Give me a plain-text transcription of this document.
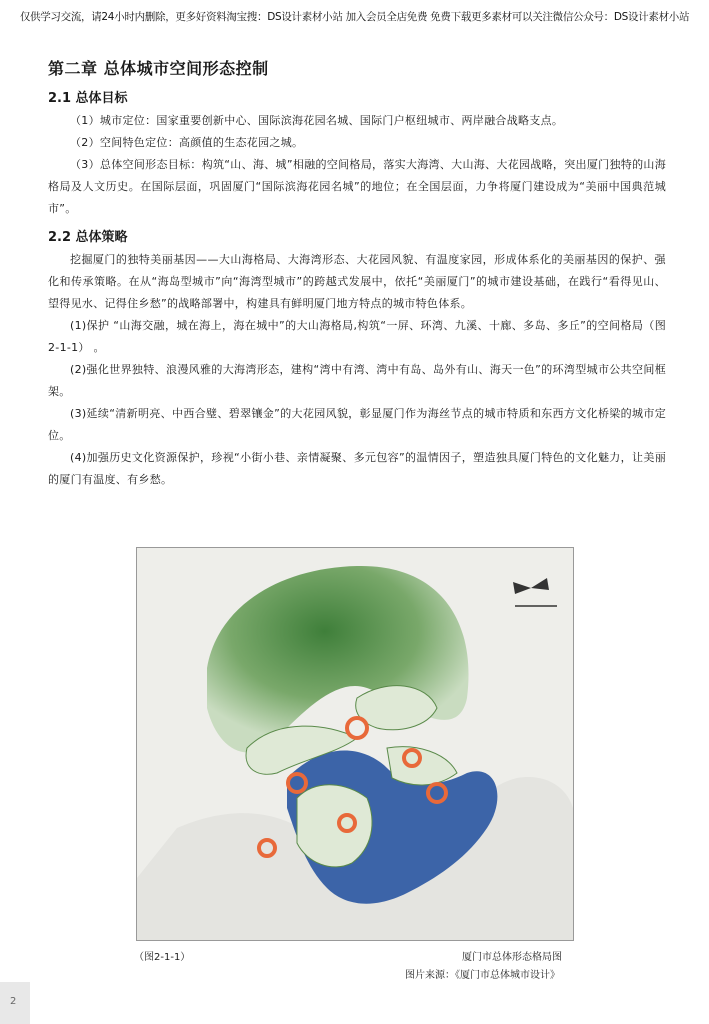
仅供学习交流，请24小时内删除，更多好资料淘宝搜：DS设计素材小站 加入会员全店免费 免费下载更多素材可以关注微信公众号：DS设计素材小站
第二章 总体城市空间形态控制
2.1 总体目标

（1）城市定位：国家重要创新中心、国际滨海花园名城、国际门户枢纽城市、两岸融合战略支点。

（2）空间特色定位：高颜值的生态花园之城。

（3）总体空间形态目标：构筑“山、海、城”相融的空间格局，落实大海湾、大山海、大花园战略，突出厦门独特的山海格局及人文历史。在国际层面，巩固厦门“国际滨海花园名城”的地位；在全国层面，力争将厦门建设成为“美丽中国典范城市”。

2.2 总体策略

挖掘厦门的独特美丽基因——大山海格局、大海湾形态、大花园风貌、有温度家园，形成体系化的美丽基因的保护、强化和传承策略。在从“海岛型城市”向“海湾型城市”的跨越式发展中，依托“美丽厦门”的城市建设基础，在践行“看得见山、望得见水、记得住乡愁”的战略部署中，构建具有鲜明厦门地方特点的城市特色体系。

(1)保护 “山海交融，城在海上，海在城中”的大山海格局,构筑“一屏、环湾、九溪、十廊、多岛、多丘”的空间格局（图2-1-1） 。

(2)强化世界独特、浪漫风雅的大海湾形态，建构“湾中有湾、湾中有岛、岛外有山、海天一色”的环湾型城市公共空间框架。

(3)延续“清新明亮、中西合璧、碧翠镶金”的大花园风貌，彰显厦门作为海丝节点的城市特质和东西方文化桥梁的城市定位。

(4)加强历史文化资源保护，珍视“小街小巷、亲情凝聚、多元包容”的温情因子，塑造独具厦门特色的文化魅力，让美丽的厦门有温度、有乡愁。

（图2-1-1）	厦门市总体形态格局图
图片来源：《厦门市总体城市设计》
2
